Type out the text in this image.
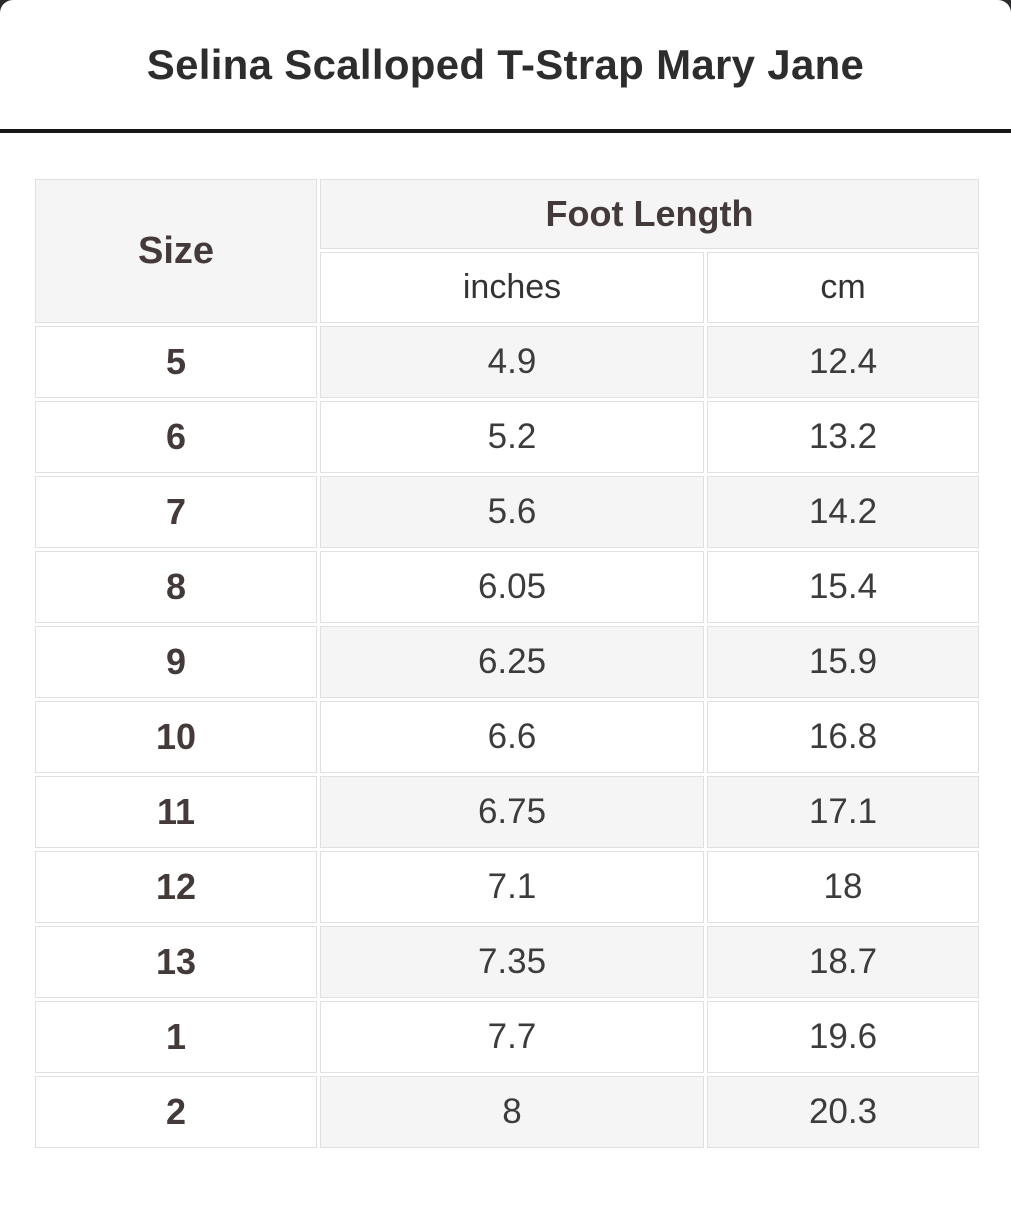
Selina Scalloped T-Strap Mary Jane
Size	Foot Length	
	inches	cm
5	4.9	12.4
6	5.2	13.2
7	5.6	14.2
8	6.05	15.4
9	6.25	15.9
10	6.6	16.8
11	6.75	17.1
12	7.1	18
13	7.35	18.7
1	7.7	19.6
2	8	20.3
